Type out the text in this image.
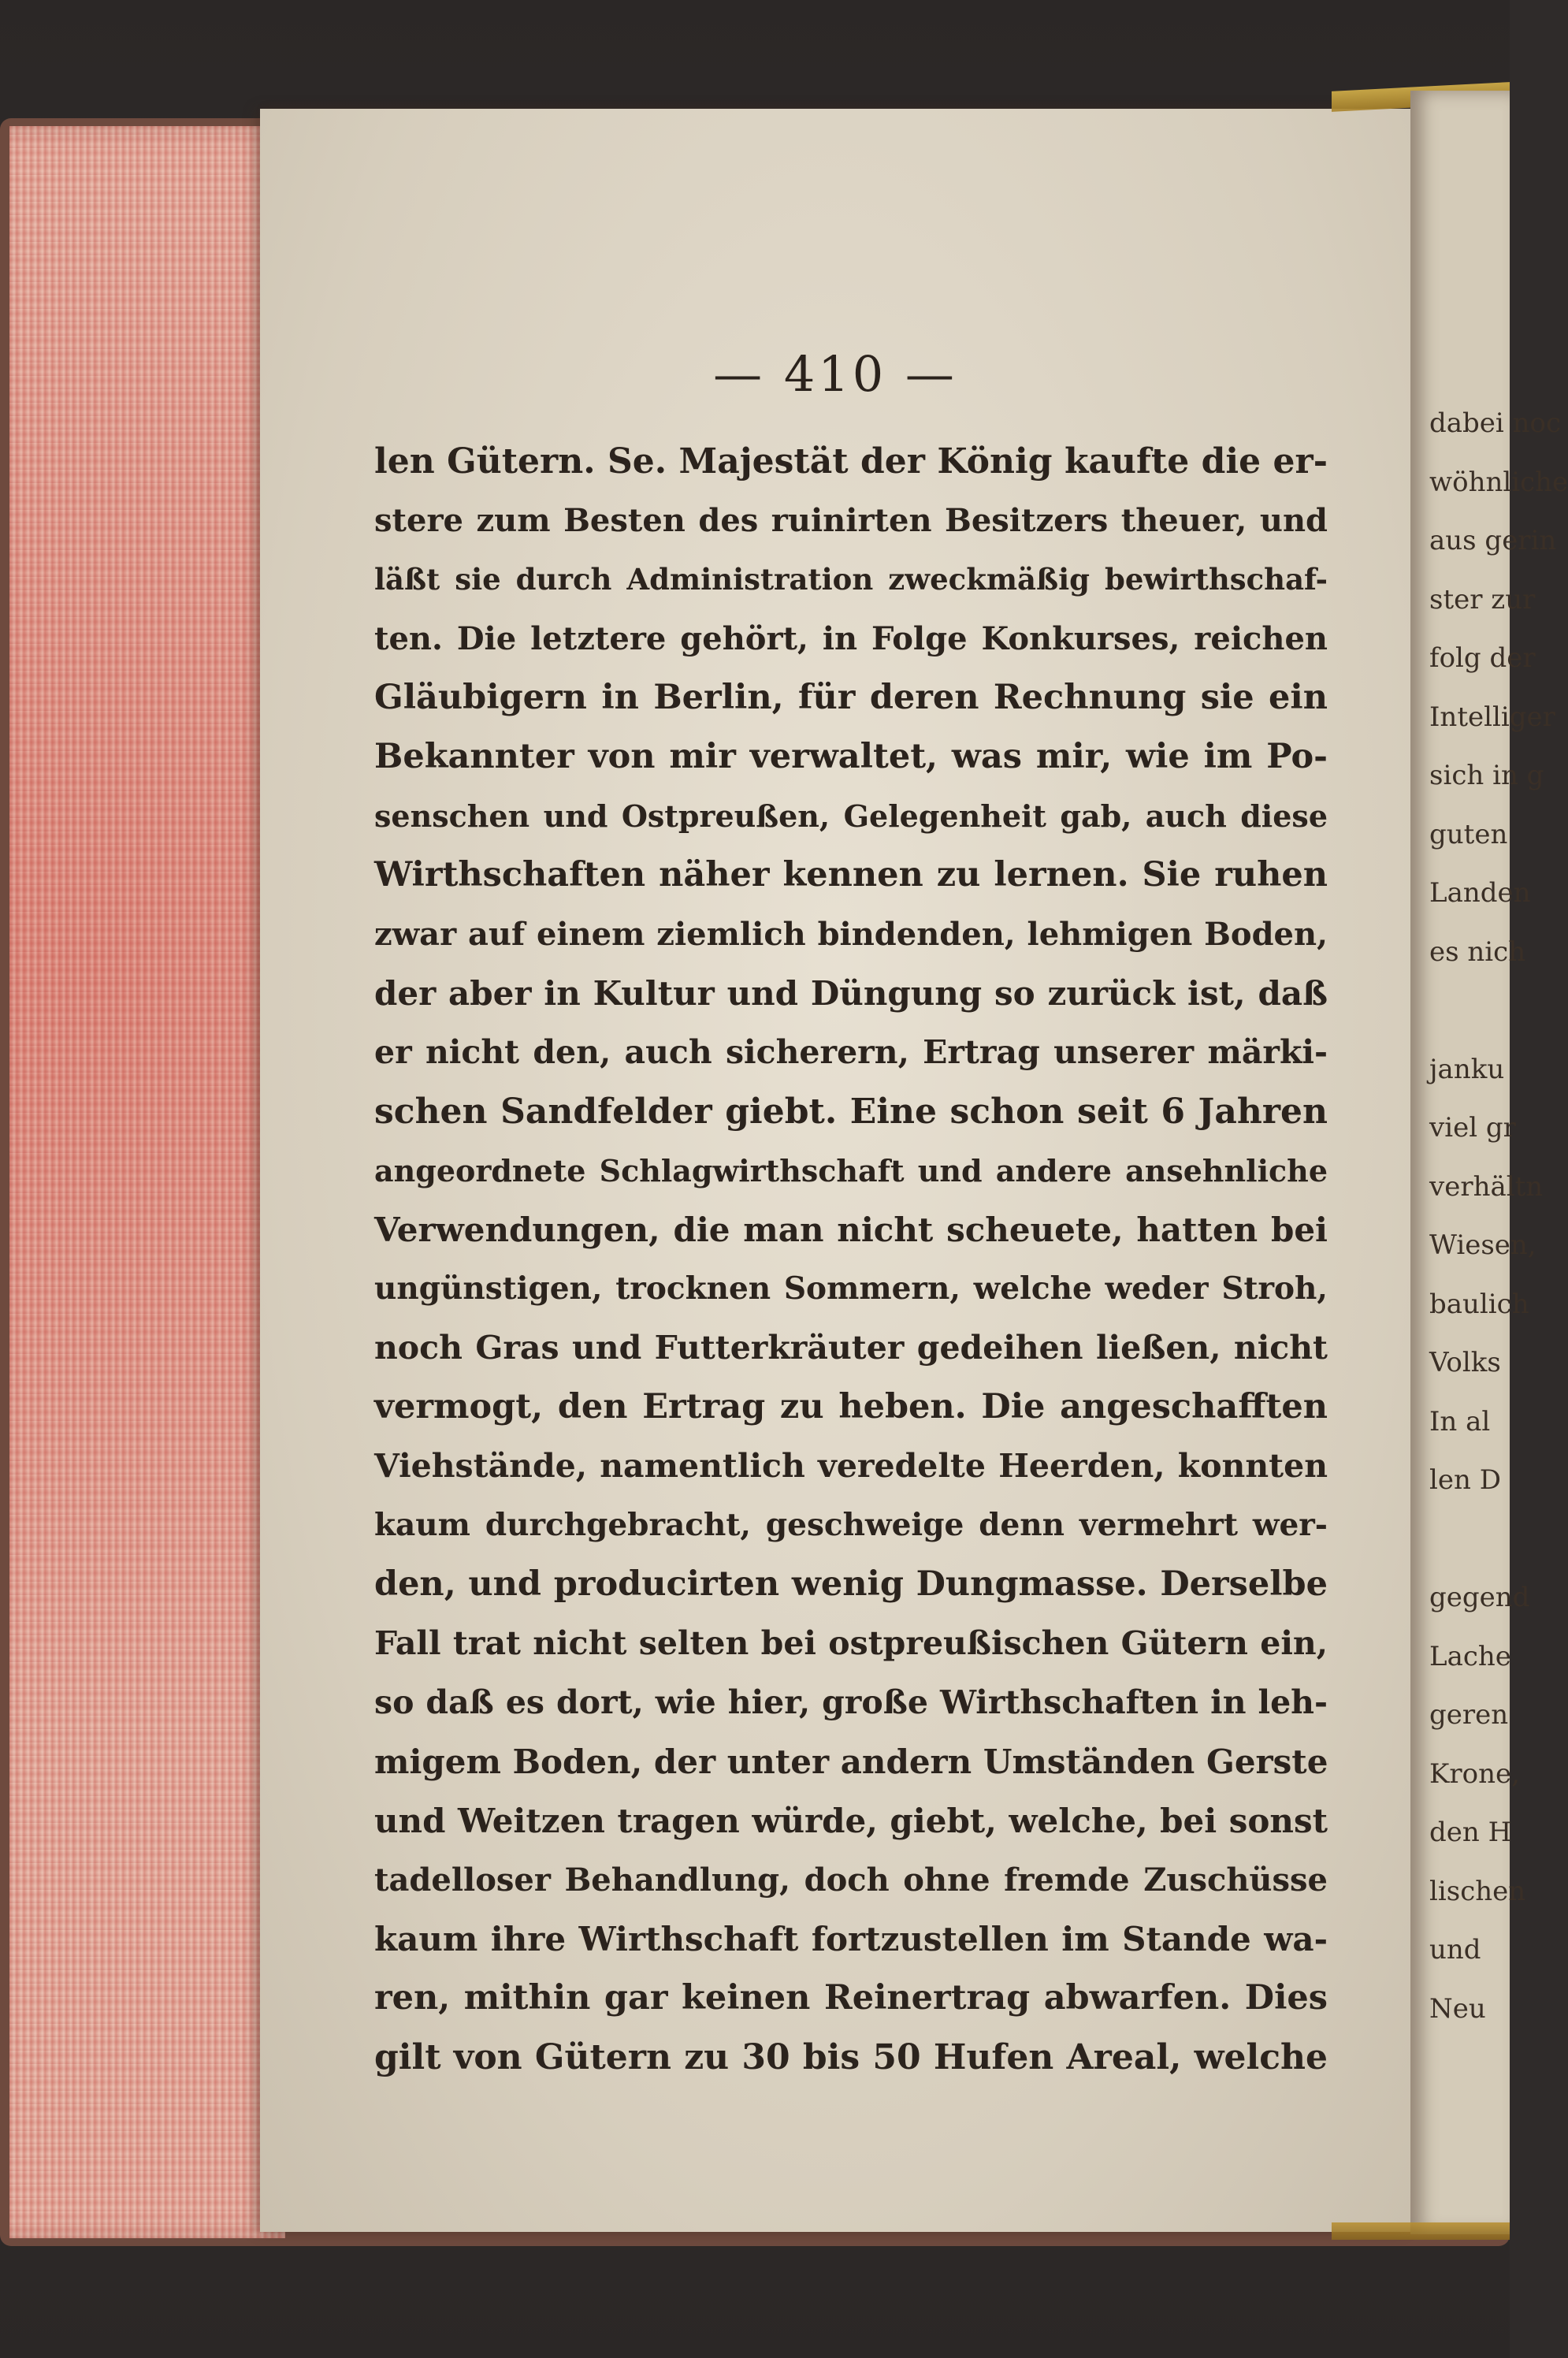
— 410 —
len Gütern. Se. Majestät der König kaufte die er-
stere zum Besten des ruinirten Besitzers theuer, und
läßt sie durch Administration zweckmäßig bewirthschaf-
ten. Die letztere gehört, in Folge Konkurses, reichen
Gläubigern in Berlin, für deren Rechnung sie ein
Bekannter von mir verwaltet, was mir, wie im Po-
senschen und Ostpreußen, Gelegenheit gab, auch diese
Wirthschaften näher kennen zu lernen. Sie ruhen
zwar auf einem ziemlich bindenden, lehmigen Boden,
der aber in Kultur und Düngung so zurück ist, daß
er nicht den, auch sicherern, Ertrag unserer märki-
schen Sandfelder giebt. Eine schon seit 6 Jahren
angeordnete Schlagwirthschaft und andere ansehnliche
Verwendungen, die man nicht scheuete, hatten bei
ungünstigen, trocknen Sommern, welche weder Stroh,
noch Gras und Futterkräuter gedeihen ließen, nicht
vermogt, den Ertrag zu heben. Die angeschafften
Viehstände, namentlich veredelte Heerden, konnten
kaum durchgebracht, geschweige denn vermehrt wer-
den, und producirten wenig Dungmasse. Derselbe
Fall trat nicht selten bei ostpreußischen Gütern ein,
so daß es dort, wie hier, große Wirthschaften in leh-
migem Boden, der unter andern Umständen Gerste
und Weitzen tragen würde, giebt, welche, bei sonst
tadelloser Behandlung, doch ohne fremde Zuschüsse
kaum ihre Wirthschaft fortzustellen im Stande wa-
ren, mithin gar keinen Reinertrag abwarfen. Dies
gilt von Gütern zu 30 bis 50 Hufen Areal, welche
dabei noc
wöhnliche
aus gerin
ster zur
folg der
Intelliger
sich in g
guten
Landen
es nich
janku
viel gr
verhältn
Wiesen,
baulich
Volks
In al
len D
gegend
Lache
geren
Krone,
den H
lischen
und
Neu
